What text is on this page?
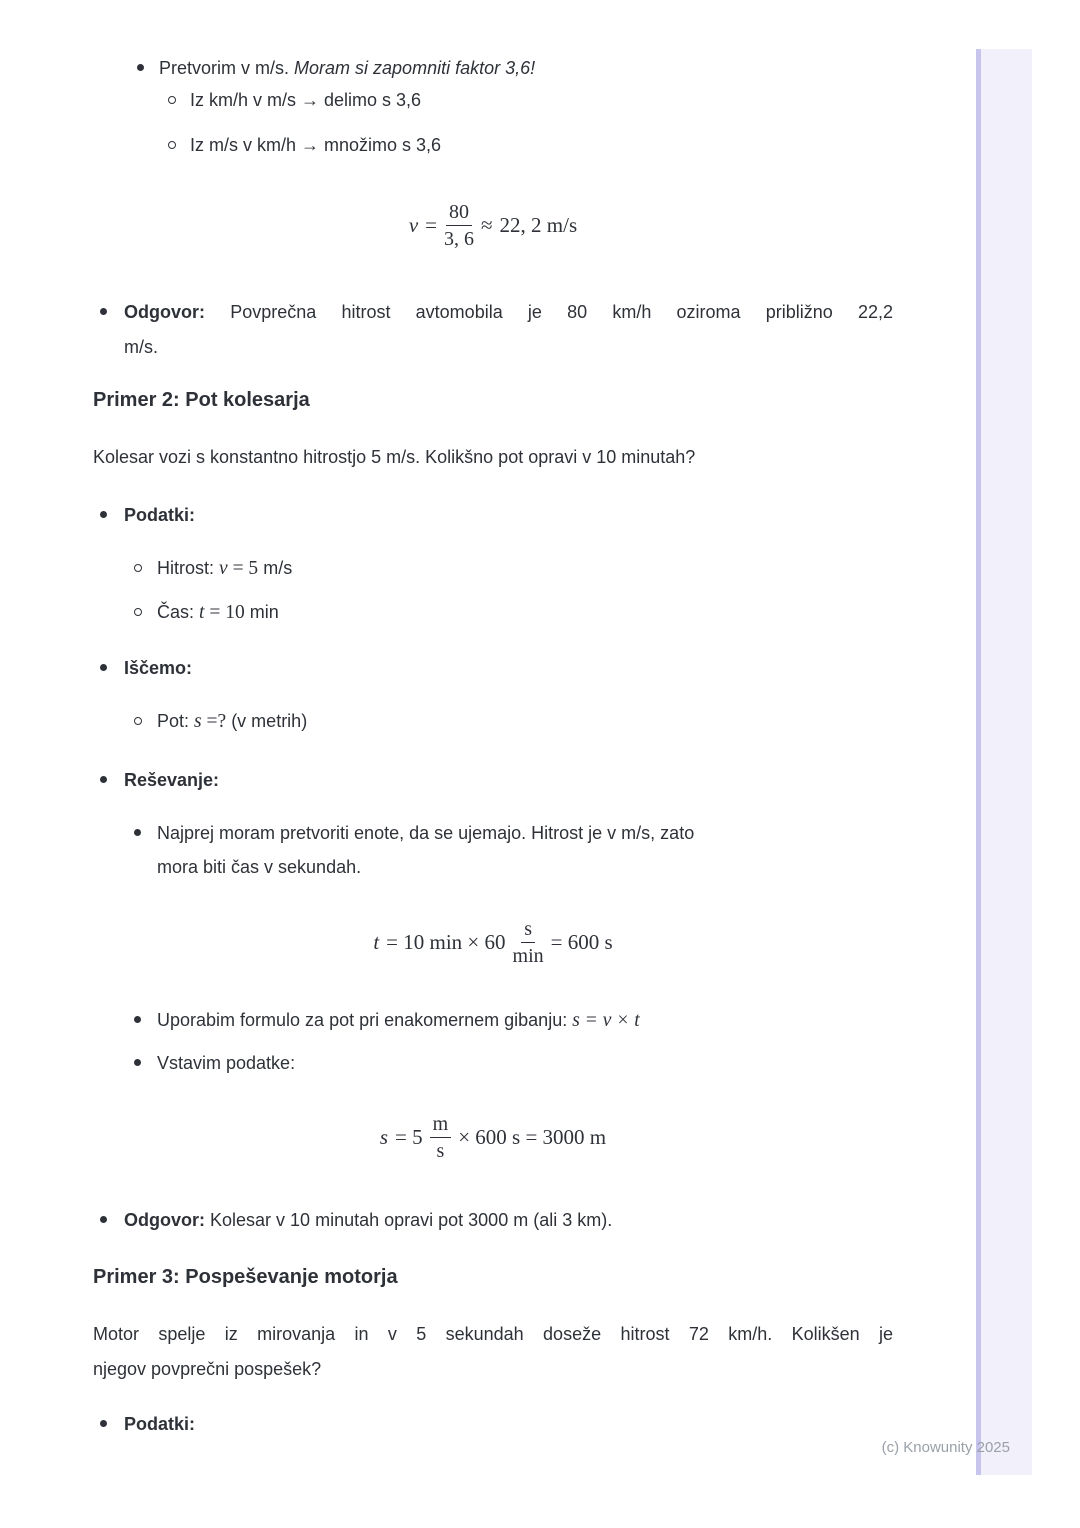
Pretvorim v m/s. Moram si zapomniti faktor 3,6!
Iz km/h v m/s → delimo s 3,6
Iz m/s v km/h → množimo s 3,6
$v = \frac{80}{3, 6} \approx 22$, 2 m/s
Odgovor: Povprečna hitrost avtomobila je 80 km/h oziroma približno 22,2
m/s.
Primer 2: Pot kolesarja

Kolesar vozi s konstantno hitrostjo 5 m/s. Kolikšno pot opravi v 10 minutah?

Podatki:
Hitrost: v = 5 m/s
Čas: t = 10 min
Iščemo:
Pot: s =? (v metrih)
Reševanje:
Najprej moram pretvoriti enote, da se ujemajo. Hitrost je v m/s, zato
mora biti čas v sekundah.
t = 10 $\min \times 60 \frac{s}{\min} = 600$ s
Uporabim formulo za pot pri enakomernem gibanju: s = v × t
Vstavim podatke:
$s = 5 \frac{m}{s} \times 600$ s = 3000 m
Odgovor: Kolesar v 10 minutah opravi pot 3000 m (ali 3 km).
Primer 3: Pospeševanje motorja

Motor spelje iz mirovanja in v 5 sekundah doseže hitrost 72 km/h. Kolikšen je
njegov povprečni pospešek?

Podatki:
(c) Knowunity 2025
